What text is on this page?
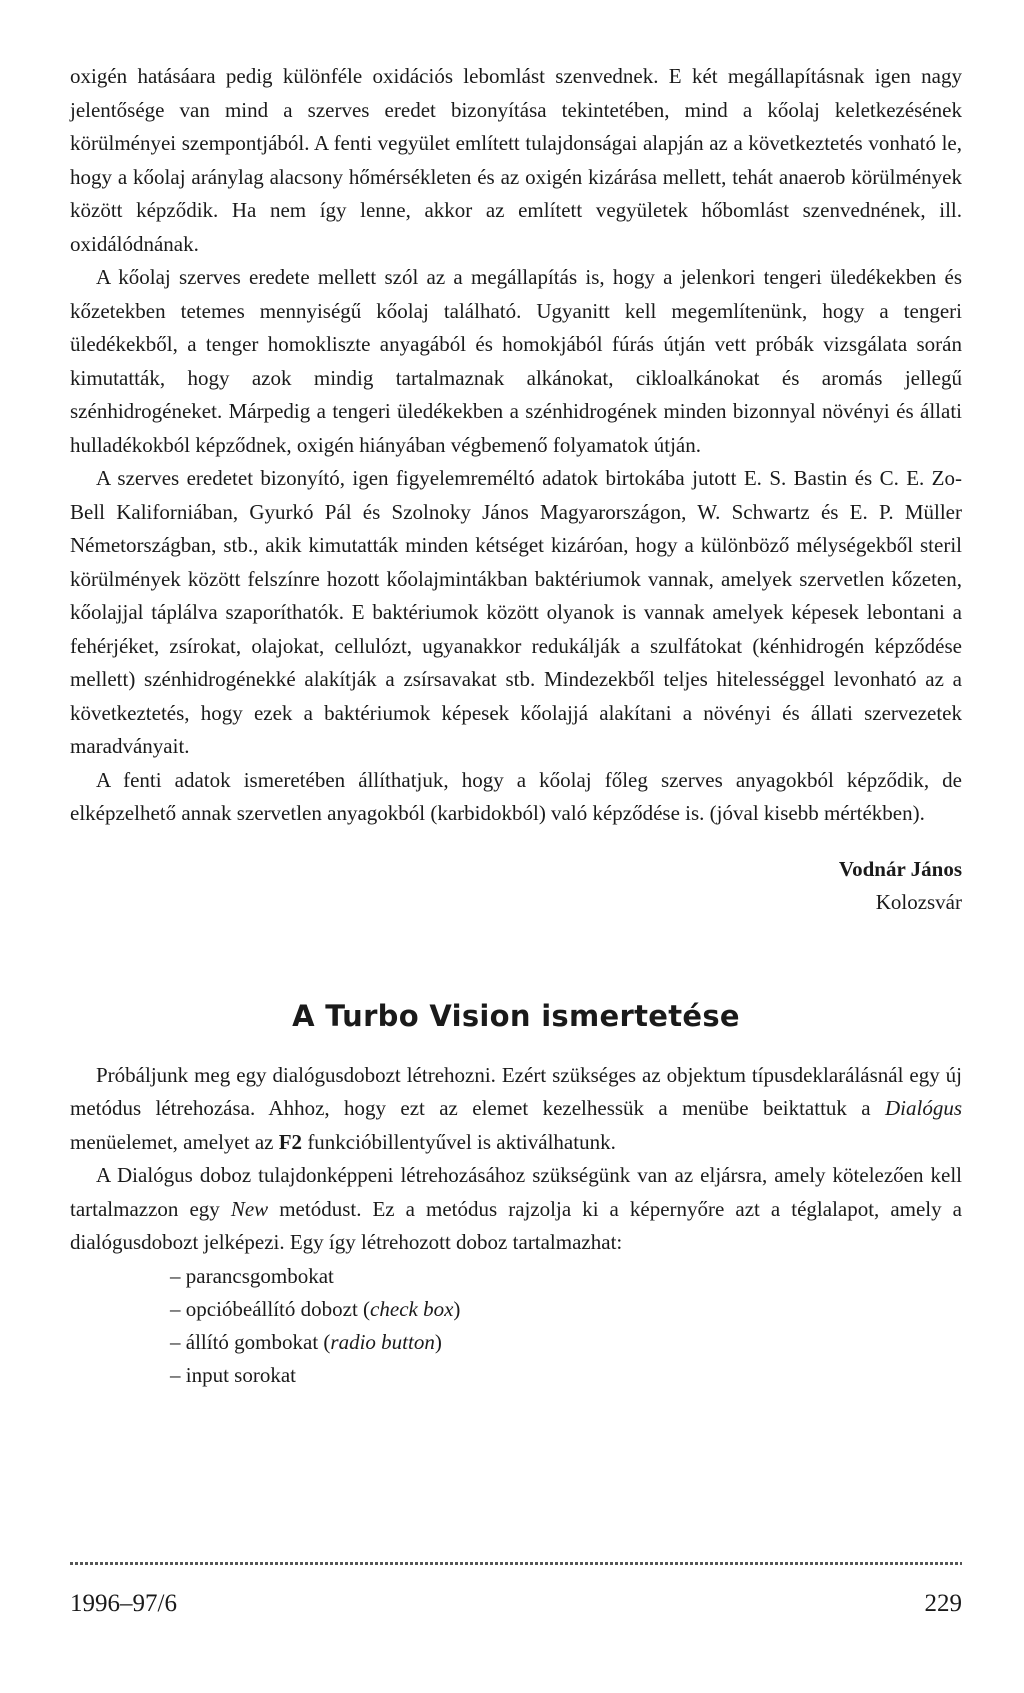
oxigén hatásáara pedig különféle oxidációs lebomlást szenvednek. E két megállapításnak igen nagy jelentősége van mind a szerves eredet bizonyítása tekintetében, mind a kőolaj keletkezésének körülményei szempontjából. A fenti vegyület említett tulajdonságai alapján az a következtetés vonható le, hogy a kőolaj aránylag alacsony hőmérsékleten és az oxigén kizárása mellett, tehát anaerob körülmények között képződik. Ha nem így lenne, akkor az említett vegyületek hőbomlást szenvednének, ill. oxidálódnának.

A kőolaj szerves eredete mellett szól az a megállapítás is, hogy a jelenkori tengeri üledékekben és kőzetekben tetemes mennyiségű kőolaj található. Ugyanitt kell megemlítenünk, hogy a tengeri üledékekből, a tenger homokliszte anyagából és homokjából fúrás útján vett próbák vizsgálata során kimutatták, hogy azok mindig tartalmaznak alkánokat, cikloalkánokat és aromás jellegű szénhidrogéneket. Márpedig a tengeri üledékekben a szénhidrogének minden bizonnyal növényi és állati hulladékokból képződnek, oxigén hiányában végbemenő folyamatok útján.

A szerves eredetet bizonyító, igen figyelemreméltó adatok birtokába jutott E. S. Bastin és C. E. Zo-Bell Kaliforniában, Gyurkó Pál és Szolnoky János Magyarországon, W. Schwartz és E. P. Müller Németországban, stb., akik kimutatták minden kétséget kizáróan, hogy a különböző mélységekből steril körülmények között felszínre hozott kőolajmintákban baktériumok vannak, amelyek szervetlen kőzeten, kőolajjal táplálva szaporíthatók. E baktériumok között olyanok is vannak amelyek képesek lebontani a fehérjéket, zsírokat, olajokat, cellulózt, ugyanakkor redukálják a szulfátokat (kénhidrogén képződése mellett) szénhidrogénekké alakítják a zsírsavakat stb. Mindezekből teljes hitelességgel levonható az a következtetés, hogy ezek a baktériumok képesek kőolajjá alakítani a növényi és állati szervezetek maradványait.

A fenti adatok ismeretében állíthatjuk, hogy a kőolaj főleg szerves anyagokból képződik, de elképzelhető annak szervetlen anyagokból (karbidokból) való képződése is. (jóval kisebb mértékben).

Vodnár János
Kolozsvár
A Turbo Vision ismertetése

Próbáljunk meg egy dialógusdobozt létrehozni. Ezért szükséges az objektum típusdeklarálásnál egy új metódus létrehozása. Ahhoz, hogy ezt az elemet kezelhessük a menübe beiktattuk a Dialógus menüelemet, amelyet az F2 funkcióbillentyűvel is aktiválhatunk.

A Dialógus doboz tulajdonképpeni létrehozásához szükségünk van az eljársra, amely kötelezően kell tartalmazzon egy New metódust. Ez a metódus rajzolja ki a képernyőre azt a téglalapot, amely a dialógusdobozt jelképezi. Egy így létrehozott doboz tartalmazhat:

– parancsgombokat
– opcióbeállító dobozt (check box)
– állító gombokat (radio button)
– input sorokat
1996–97/6	229
